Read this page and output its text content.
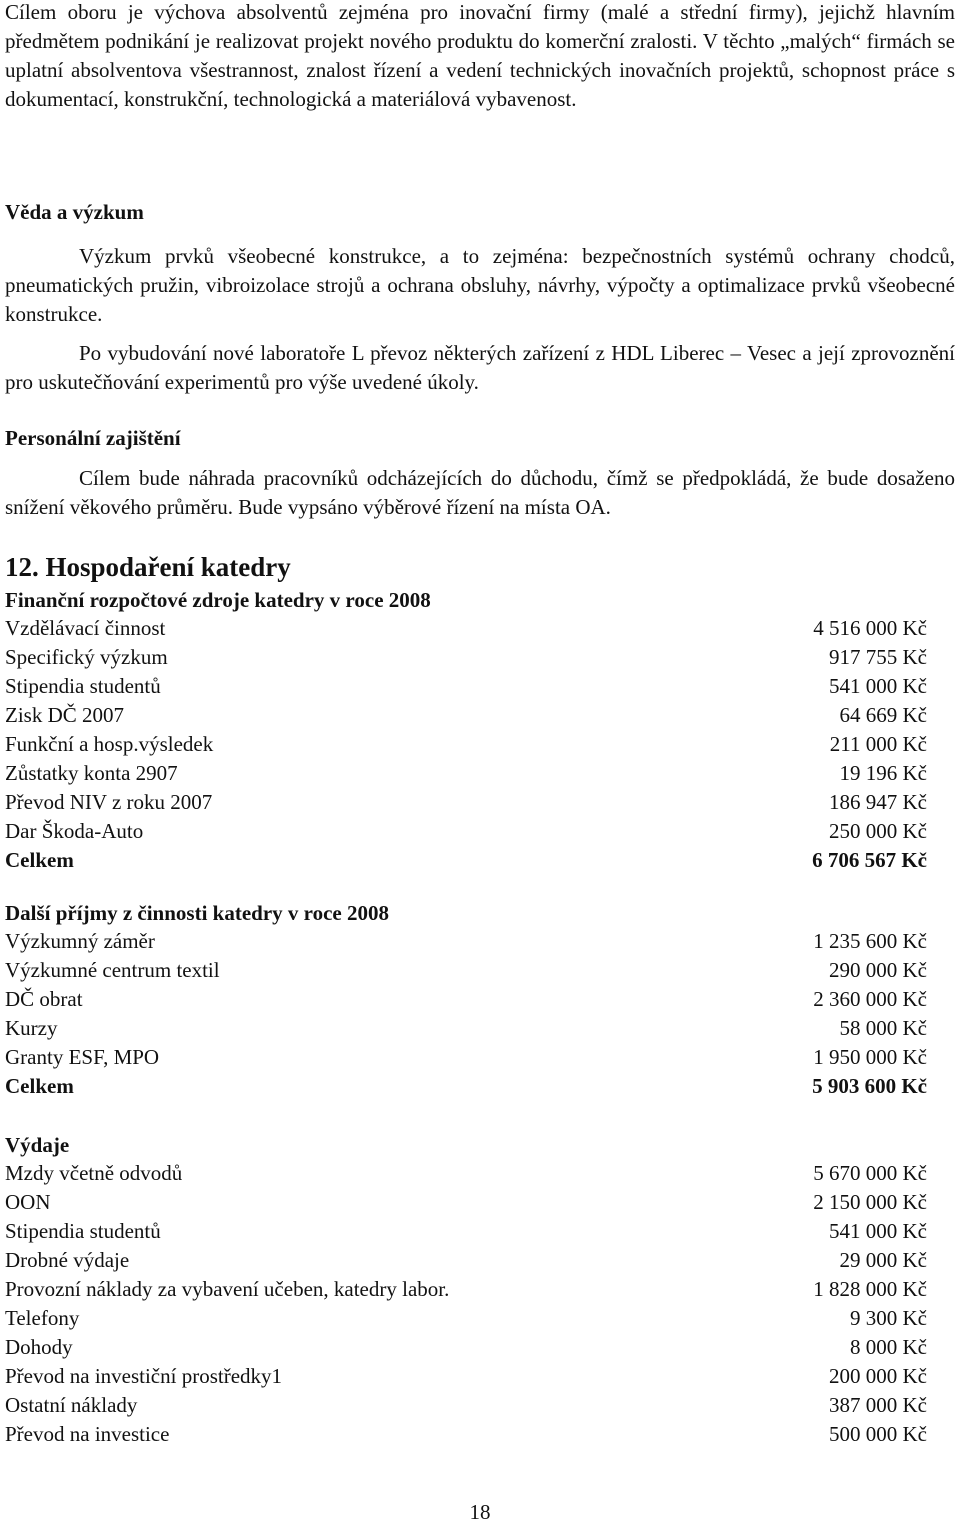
Cílem oboru je výchova absolventů zejména pro inovační firmy (malé a střední firmy), jejichž hlavním předmětem podnikání je realizovat projekt nového produktu do komerční zralosti. V těchto „malých“ firmách se uplatní absolventova všestrannost, znalost řízení a vedení technických inovačních projektů, schopnost práce s dokumentací, konstrukční, technologická a materiálová vybavenost.

Věda a výzkum

Výzkum prvků všeobecné konstrukce, a to zejména: bezpečnostních systémů ochrany chodců, pneumatických pružin, vibroizolace strojů a ochrana obsluhy, návrhy, výpočty a optimalizace prvků všeobecné konstrukce.

Po vybudování nové laboratoře L převoz některých zařízení z HDL Liberec – Vesec a její zprovoznění pro uskutečňování experimentů pro výše uvedené úkoly.

Personální zajištění

Cílem bude náhrada pracovníků odcházejících do důchodu, čímž se předpokládá, že bude dosaženo snížení věkového průměru. Bude vypsáno výběrové řízení na místa OA.

12. Hospodaření katedry
Finanční rozpočtové zdroje katedry v roce 2008
Vzdělávací činnost	4 516 000 Kč
Specifický výzkum	917 755 Kč
Stipendia studentů	541 000 Kč
Zisk DČ 2007	64 669 Kč
Funkční a hosp.výsledek	211 000 Kč
Zůstatky konta 2907	19 196 Kč
Převod NIV z roku 2007	186 947 Kč
Dar Škoda-Auto	250 000 Kč
Celkem	6 706 567 Kč
Další příjmy z činnosti katedry v roce 2008
Výzkumný záměr	1 235 600 Kč
Výzkumné centrum textil	290 000 Kč
DČ obrat	2 360 000 Kč
Kurzy	58 000 Kč
Granty ESF, MPO	1 950 000 Kč
Celkem	5 903 600 Kč
Výdaje
Mzdy včetně odvodů	5 670 000 Kč
OON	2 150 000 Kč
Stipendia studentů	541 000 Kč
Drobné výdaje	29 000 Kč
Provozní náklady za vybavení učeben, katedry labor.	1 828 000 Kč
Telefony	9 300 Kč
Dohody	8 000 Kč
Převod na investiční prostředky1	200 000 Kč
Ostatní náklady	387 000 Kč
Převod na investice	500 000 Kč
18
